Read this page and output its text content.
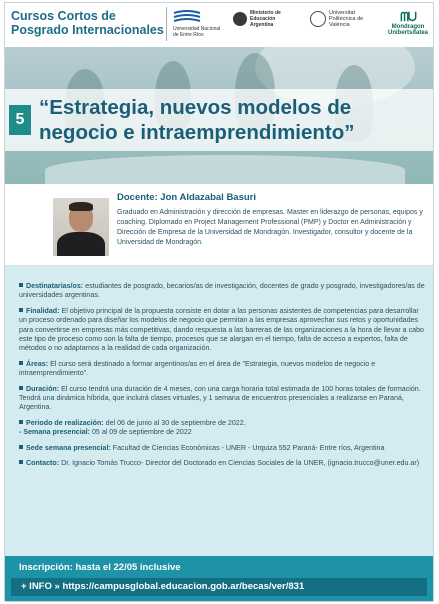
Cursos Cortos de
Posgrado Internacionales	Universidad Nacional de Entre Ríos
Ministerio de Educación Argentina
Universitat Politècnica de València
ᗰᑌ
Mondragon Unibertsitatea
5
“Estrategia, nuevos modelos de negocio e intraemprendimiento”
Docente: Jon Aldazabal Basuri
Graduado en Administración y dirección de empresas. Master en liderazgo de personas, equipos y coaching. Diplomado en Project Management Professional (PMP) y Doctor en Administración y Dirección de Empresa de la Universidad de Mondragón. Investigador, consultor y docente de la Universidad de Mondragón.
Destinatarias/os: estudiantes de posgrado, becarios/as de investigación, docentes de grado y posgrado, investigadores/as de universidades argentinas.
Finalidad: El objetivo principal de la propuesta consiste en dotar a las personas asistentes de competencias para desarrollar un proceso ordenado para diseñar los modelos de negocio que permitan a las empresas aprovechar sus retos y oportunidades para convertirse en empresas más competitivas, dando respuesta a las barreras de las organizaciones a la hora de llevar a cabo este tipo de proceso como son la falta de tiempo, procesos que se alargan en el tiempo, falta de acceso a expertos, falta de métodos o no adaptarnos a la realidad de cada organización.
Áreas: El curso será destinado a formar argentinos/as en el área de "Estrategia, nuevos modelos de negocio e intraemprendimiento".
Duración: El curso tendrá una duración de 4 meses, con una carga horaria total estimada de 100 horas totales de formación. Tendrá una dinámica híbrida, que incluirá clases virtuales, y 1 semana de encuentros presenciales a realizarse en Paraná, Argentina.
Periodo de realización: del 06 de junio al 30 de septiembre de 2022.
- Semana presencial: 05 al 09 de septiembre de 2022
Sede semana presencial: Facultad de Ciencias Económicas - UNER - Urquiza 552 Paraná- Entre ríos, Argentina
Contacto: Dr. Ignacio Tomás Trucco- Director del Doctorado en Ciencias Sociales de la UNER, (ignacio.trucco@uner.edu.ar)
Inscripción: hasta el 22/05 inclusive
+ INFO » https://campusglobal.educacion.gob.ar/becas/ver/831
